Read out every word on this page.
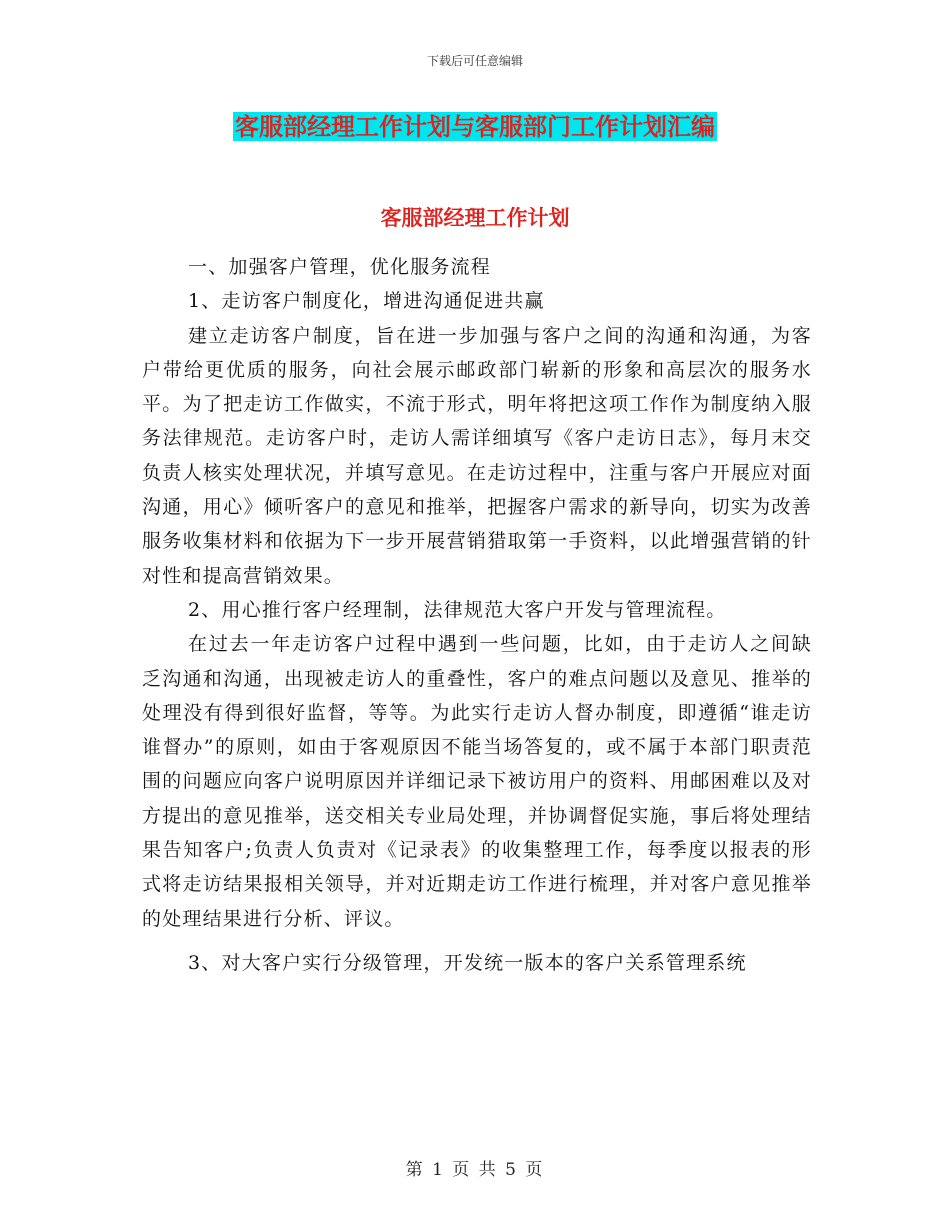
下载后可任意编辑
客服部经理工作计划与客服部门工作计划汇编
客服部经理工作计划

一、加强客户管理，优化服务流程

1、走访客户制度化，增进沟通促进共赢

建立走访客户制度，旨在进一步加强与客户之间的沟通和沟通，为客户带给更优质的服务，向社会展示邮政部门崭新的形象和高层次的服务水平。为了把走访工作做实，不流于形式，明年将把这项工作作为制度纳入服务法律规范。走访客户时，走访人需详细填写《客户走访日志》，每月末交负责人核实处理状况，并填写意见。在走访过程中，注重与客户开展应对面沟通，用心》倾听客户的意见和推举，把握客户需求的新导向，切实为改善服务收集材料和依据为下一步开展营销猎取第一手资料，以此增强营销的针对性和提高营销效果。

2、用心推行客户经理制，法律规范大客户开发与管理流程。

在过去一年走访客户过程中遇到一些问题，比如，由于走访人之间缺乏沟通和沟通，出现被走访人的重叠性，客户的难点问题以及意见、推举的处理没有得到很好监督，等等。为此实行走访人督办制度，即遵循“谁走访谁督办”的原则，如由于客观原因不能当场答复的，或不属于本部门职责范围的问题应向客户说明原因并详细记录下被访用户的资料、用邮困难以及对方提出的意见推举，送交相关专业局处理，并协调督促实施，事后将处理结果告知客户;负责人负责对《记录表》的收集整理工作，每季度以报表的形式将走访结果报相关领导，并对近期走访工作进行梳理，并对客户意见推举的处理结果进行分析、评议。

3、对大客户实行分级管理，开发统一版本的客户关系管理系统

第 1 页 共 5 页
